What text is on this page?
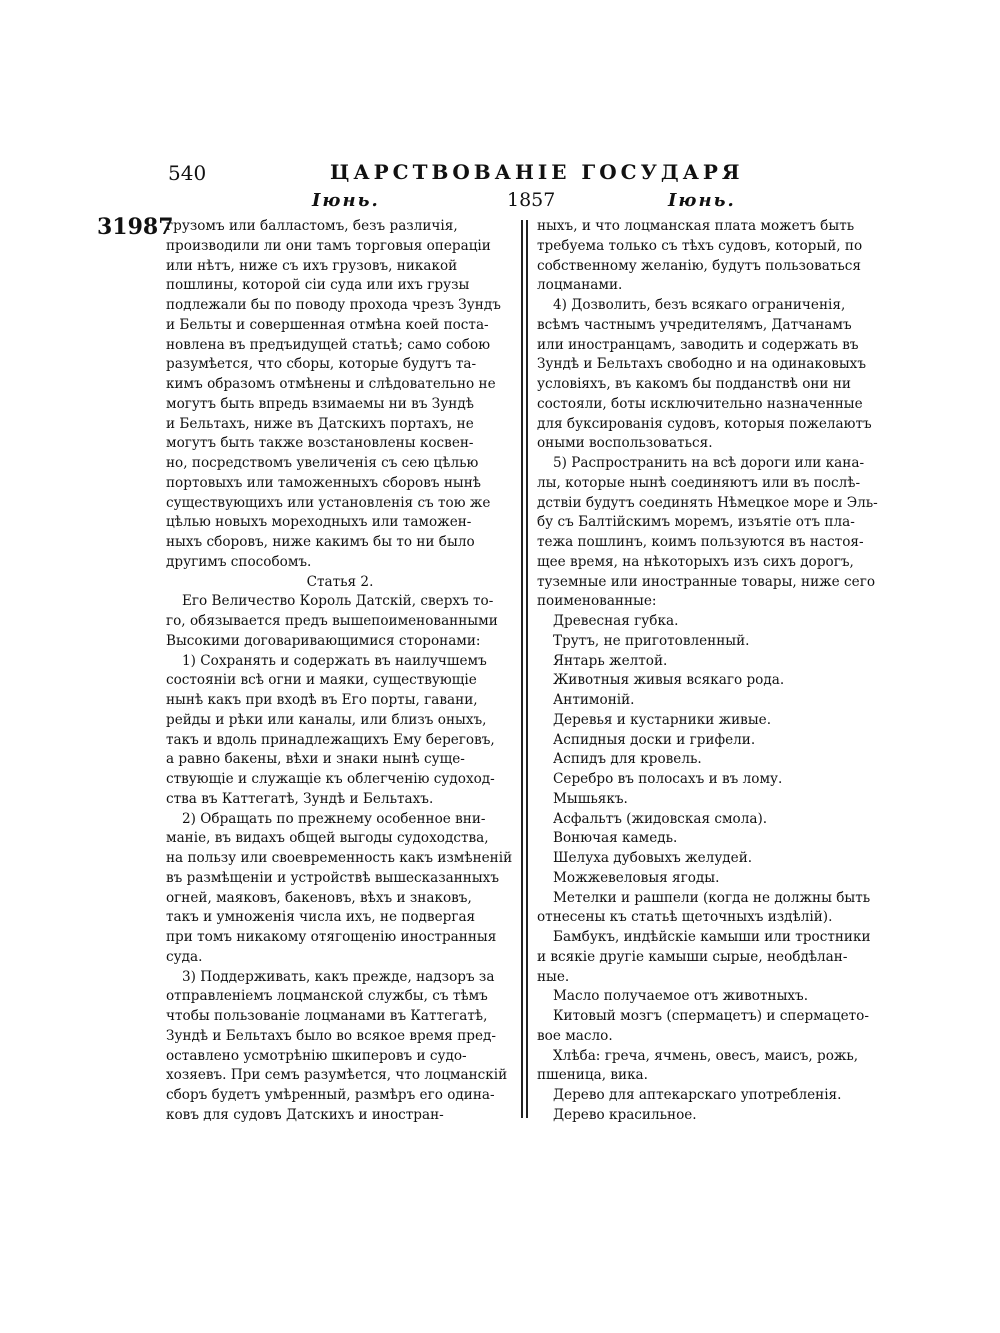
540	ЦАРСТВОВАНІЕ ГОСУДАРЯ
Іюнь.	1857	Іюнь.
31987
грузомъ или балластомъ, безъ различія,
производили ли они тамъ торговыя операціи
или нѣтъ, ниже съ ихъ грузовъ, никакой
пошлины, которой сіи суда или ихъ грузы
подлежали бы по поводу прохода чрезъ Зундъ
и Бельты и совершенная отмѣна коей поста-
новлена въ предъидущей статьѣ; само собою
разумѣется, что сборы, которые будутъ та-
кимъ образомъ отмѣнены и слѣдовательно не
могутъ быть впредь взимаемы ни въ Зундѣ
и Бельтахъ, ниже въ Датскихъ портахъ, не
могутъ быть также возстановлены косвен-
но, посредствомъ увеличенія съ сею цѣлью
портовыхъ или таможенныхъ сборовъ нынѣ
существующихъ или установленія съ тою же
цѣлью новыхъ мореходныхъ или таможен-
ныхъ сборовъ, ниже какимъ бы то ни было
другимъ способомъ.
Статья 2.
Его Величество Король Датскій, сверхъ то-
го, обязывается предъ вышепоименованными
Высокими договаривающимися сторонами:
1) Сохранять и содержать въ наилучшемъ
состояніи всѣ огни и маяки, существующіе
нынѣ какъ при входѣ въ Его порты, гавани,
рейды и рѣки или каналы, или близъ оныхъ,
такъ и вдоль принадлежащихъ Ему береговъ,
а равно бакены, вѣхи и знаки нынѣ суще-
ствующіе и служащіе къ облегченію судоход-
ства въ Каттегатѣ, Зундѣ и Бельтахъ.
2) Обращать по прежнему особенное вни-
маніе, въ видахъ общей выгоды судоходства,
на пользу или своевременность какъ измѣненій
въ размѣщеніи и устройствѣ вышесказанныхъ
огней, маяковъ, бакеновъ, вѣхъ и знаковъ,
такъ и умноженія числа ихъ, не подвергая
при томъ никакому отягощенію иностранныя
суда.
3) Поддерживать, какъ прежде, надзоръ за
отправленіемъ лоцманской службы, съ тѣмъ
чтобы пользованіе лоцманами въ Каттегатѣ,
Зундѣ и Бельтахъ было во всякое время пред-
оставлено усмотрѣнію шкиперовъ и судо-
хозяевъ. При семъ разумѣется, что лоцманскій
сборъ будетъ умѣренный, размѣръ его одина-
ковъ для судовъ Датскихъ и иностран-
ныхъ, и что лоцманская плата можетъ быть
требуема только съ тѣхъ судовъ, который, по
собственному желанію, будутъ пользоваться
лоцманами.
4) Дозволить, безъ всякаго ограниченія,
всѣмъ частнымъ учредителямъ, Датчанамъ
или иностранцамъ, заводить и содержать въ
Зундѣ и Бельтахъ свободно и на одинаковыхъ
условіяхъ, въ какомъ бы подданствѣ они ни
состояли, боты исключительно назначенные
для буксированія судовъ, которыя пожелаютъ
оными воспользоваться.
5) Распространить на всѣ дороги или кана-
лы, которые нынѣ соединяютъ или въ послѣ-
дствіи будутъ соединять Нѣмецкое море и Эль-
бу съ Балтійскимъ моремъ, изъятіе отъ пла-
тежа пошлинъ, коимъ пользуются въ настоя-
щее время, на нѣкоторыхъ изъ сихъ дорогъ,
туземные или иностранные товары, ниже сего
поименованные:
Древесная губка.
Трутъ, не приготовленный.
Янтарь желтой.
Животныя живыя всякаго рода.
Антимоній.
Деревья и кустарники живые.
Аспидныя доски и грифели.
Аспидъ для кровель.
Серебро въ полосахъ и въ лому.
Мышьякъ.
Асфальтъ (жидовская смола).
Вонючая камедь.
Шелуха дубовыхъ желудей.
Можжевеловыя ягоды.
Метелки и рашпели (когда не должны быть
отнесены къ статьѣ щеточныхъ издѣлій).
Бамбукъ, индѣйскіе камыши или тростники
и всякіе другіе камыши сырые, необдѣлан-
ные.
Масло получаемое отъ животныхъ.
Китовый мозгъ (спермацетъ) и спермацето-
вое масло.
Хлѣба: греча, ячмень, овесъ, маисъ, рожь,
пшеница, вика.
Дерево для аптекарскаго употребленія.
Дерево красильное.
